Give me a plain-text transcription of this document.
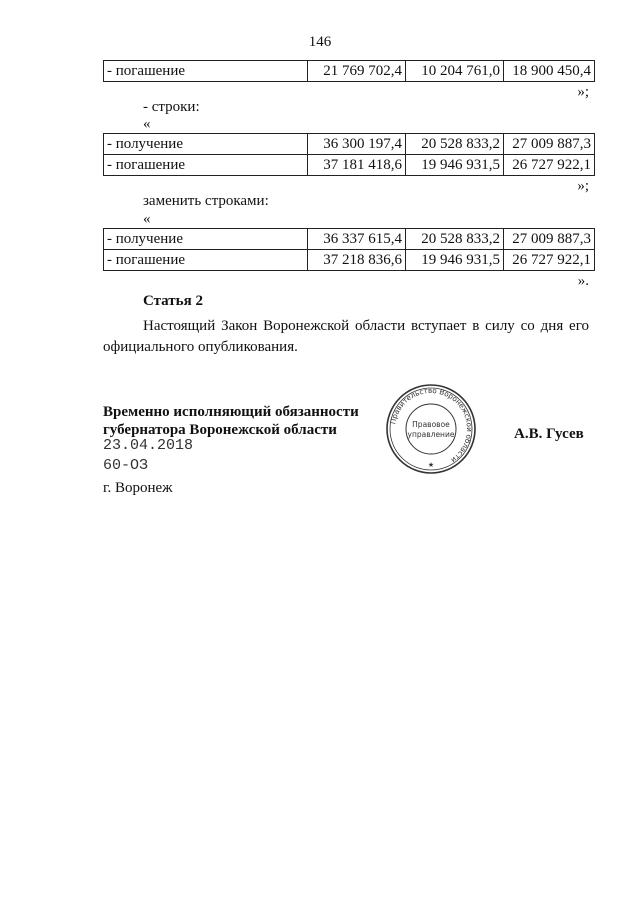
146
- погашение	21 769 702,4	10 204 761,0	18 900 450,4
»;
- строки:
«
- получение	36 300 197,4	20 528 833,2	27 009 887,3
- погашение	37 181 418,6	19 946 931,5	26 727 922,1
»;
заменить строками:
«
- получение	36 337 615,4	20 528 833,2	27 009 887,3
- погашение	37 218 836,6	19 946 931,5	26 727 922,1
».
Статья 2
Настоящий Закон Воронежской области вступает в силу со дня его официального опубликования.
Временно исполняющий обязанности
губернатора Воронежской области	А.В. Гусев
23.04.2018
60-ОЗ
г. Воронеж
Правительство Воронежской области
Правовое
управление
★
